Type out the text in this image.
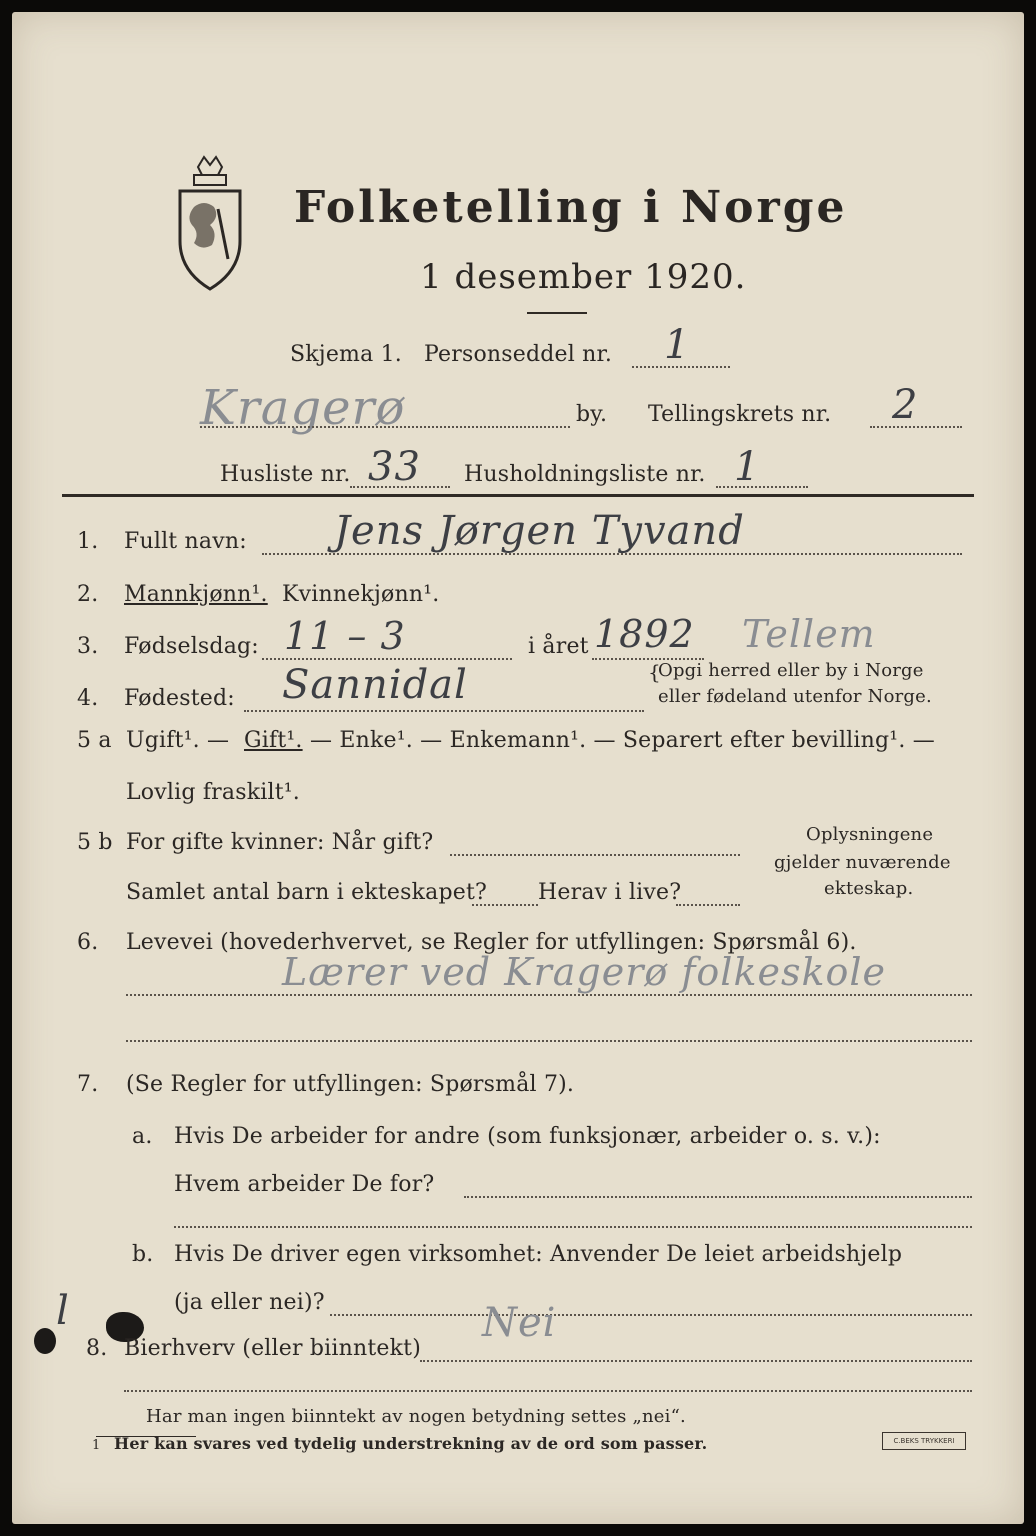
Folketelling i Norge
1 desember 1920.
Skjema 1. Personseddel nr. 1
Kragerø	by. Tellingskrets nr. 2
Husliste nr. 33 Husholdningsliste nr. 1
1. Fullt navn: Jens Jørgen Tyvand
2. Mannkjønn¹. Kvinnekjønn¹.
3. Fødselsdag: 11 – 3	i året 1892 Tellem
4. Fødested: Sannidal	Opgi herred eller by i Norge
eller fødeland utenfor Norge.
{
5 a Ugift¹. — Gift¹. — Enke¹. — Enkemann¹. — Separert efter bevilling¹. —
Lovlig fraskilt¹.
5 b For gifte kvinner: Når gift?
Samlet antal barn i ekteskapet? Herav i live?
Oplysningene
gjelder nuværende
ekteskap.
6. Levevei (hovederhvervet, se Regler for utfyllingen: Spørsmål 6).
Lærer ved Kragerø folkeskole
7. (Se Regler for utfyllingen: Spørsmål 7).
a. Hvis De arbeider for andre (som funksjonær, arbeider o. s. v.):
Hvem arbeider De for?
b. Hvis De driver egen virksomhet: Anvender De leiet arbeidshjelp
(ja eller nei)?
l
8. Bierhverv (eller biinntekt)
Nei
Har man ingen biinntekt av nogen betydning settes „nei“.
1 Her kan svares ved tydelig understrekning av de ord som passer.	C.BEKS TRYKKERI
